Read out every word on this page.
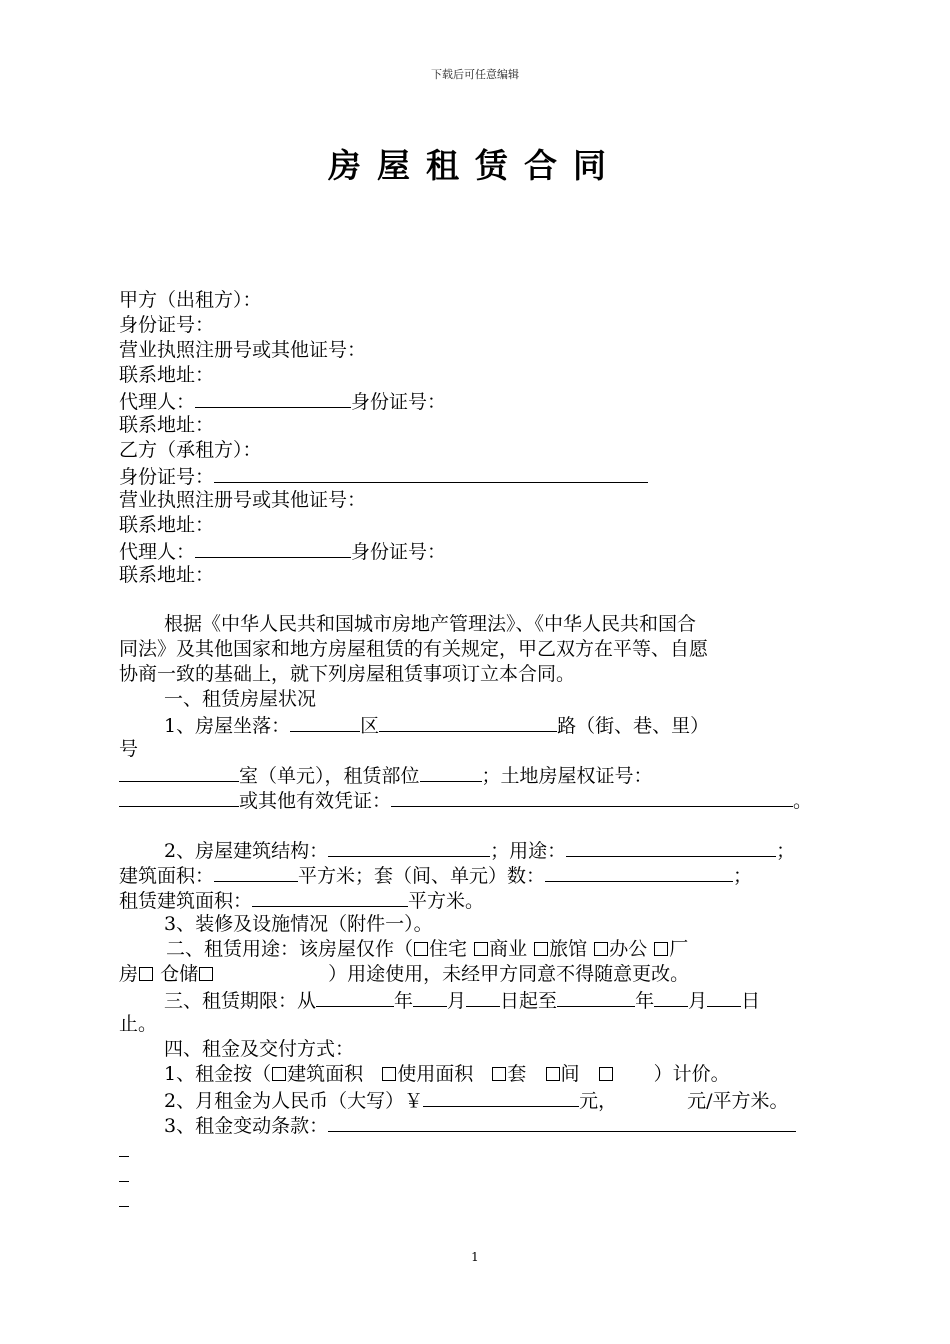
下载后可任意编辑
房屋租赁合同
甲方（出租方）：
身份证号：
营业执照注册号或其他证号：
联系地址：
代理人：	身份证号：
联系地址：
乙方（承租方）：
身份证号：
营业执照注册号或其他证号：
联系地址：
代理人：	身份证号：
联系地址：
根据《中华人民共和国城市房地产管理法》、《中华人民共和国合
同法》及其他国家和地方房屋租赁的有关规定，甲乙双方在平等、自愿
协商一致的基础上，就下列房屋租赁事项订立本合同。
一、租赁房屋状况
1、房屋坐落：	区	路（街、巷、里）
号
室（单元），租赁部位	；土地房屋权证号：
或其他有效凭证：	。
2、房屋建筑结构：	；用途：	；
建筑面积：	平方米；套（间、单元）数：	；
租赁建筑面积：	平方米。
3、装修及设施情况（附件一）。
二、租赁用途：该房屋仅作（ 住宅 商业 旅馆 办公 厂
房 仓储	）用途使用，未经甲方同意不得随意更改。
三、租赁期限：从	年 月 日起至	年 月 日
止。
四、租金及交付方式：
1、租金按（ 建筑面积 使用面积 套 间	）计价。
2、月租金为人民币（大写）￥	元，	元/平方米。
3、租金变动条款：
1
